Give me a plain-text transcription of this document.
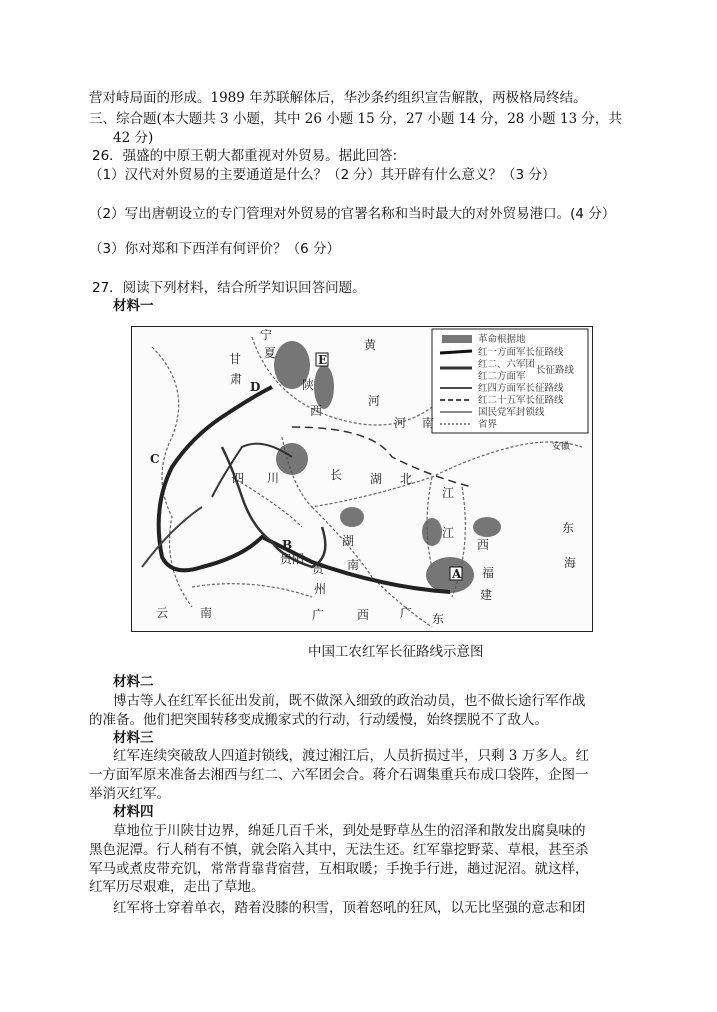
营对峙局面的形成。1989 年苏联解体后，华沙条约组织宣告解散，两极格局终结。
三、综合题(本大题共 3 小题，其中 26 小题 15 分，27 小题 14 分，28 小题 13 分，共
42 分)
26．强盛的中原王朝大都重视对外贸易。据此回答:
（1）汉代对外贸易的主要通道是什么？（2 分）其开辟有什么意义？（3 分）
（2）写出唐朝设立的专门管理对外贸易的官署名称和当时最大的对外贸易港口。(4 分）
（3）你对郑和下西洋有何评价？（6 分）
27．阅读下列材料，结合所学知识回答问题。
材料一
革命根据地
红一方面军长征路线
红二、六军团
红二方面军
长征路线
红四方面军长征路线
红二十五军长征路线
国民党军封锁线
省界
宁
夏
甘
肃	陕
西
黄
河
河 南
四 川	长 湖 北
江
湖
南
江
西
福
建
贵阳
贵
州
广	西	广 东
云	南
安徽
东
海
A
B
C
D
E
中国工农红军长征路线示意图
材料二
博古等人在红军长征出发前，既不做深入细致的政治动员，也不做长途行军作战
的准备。他们把突围转移变成搬家式的行动，行动缓慢，始终摆脱不了敌人。
材料三
红军连续突破敌人四道封锁线，渡过湘江后，人员折损过半，只剩 3 万多人。红
一方面军原来准备去湘西与红二、六军团会合。蒋介石调集重兵布成口袋阵，企图一
举消灭红军。
材料四
草地位于川陕甘边界，绵延几百千米，到处是野草丛生的沼泽和散发出腐臭味的
黑色泥潭。行人稍有不慎，就会陷入其中，无法生还。红军靠挖野菜、草根，甚至杀
军马或煮皮带充饥，常常背靠背宿营，互相取暖；手挽手行进，趟过泥沼。就这样，
红军历尽艰难，走出了草地。
红军将士穿着单衣，踏着没膝的积雪，顶着怒吼的狂风，以无比坚强的意志和团
